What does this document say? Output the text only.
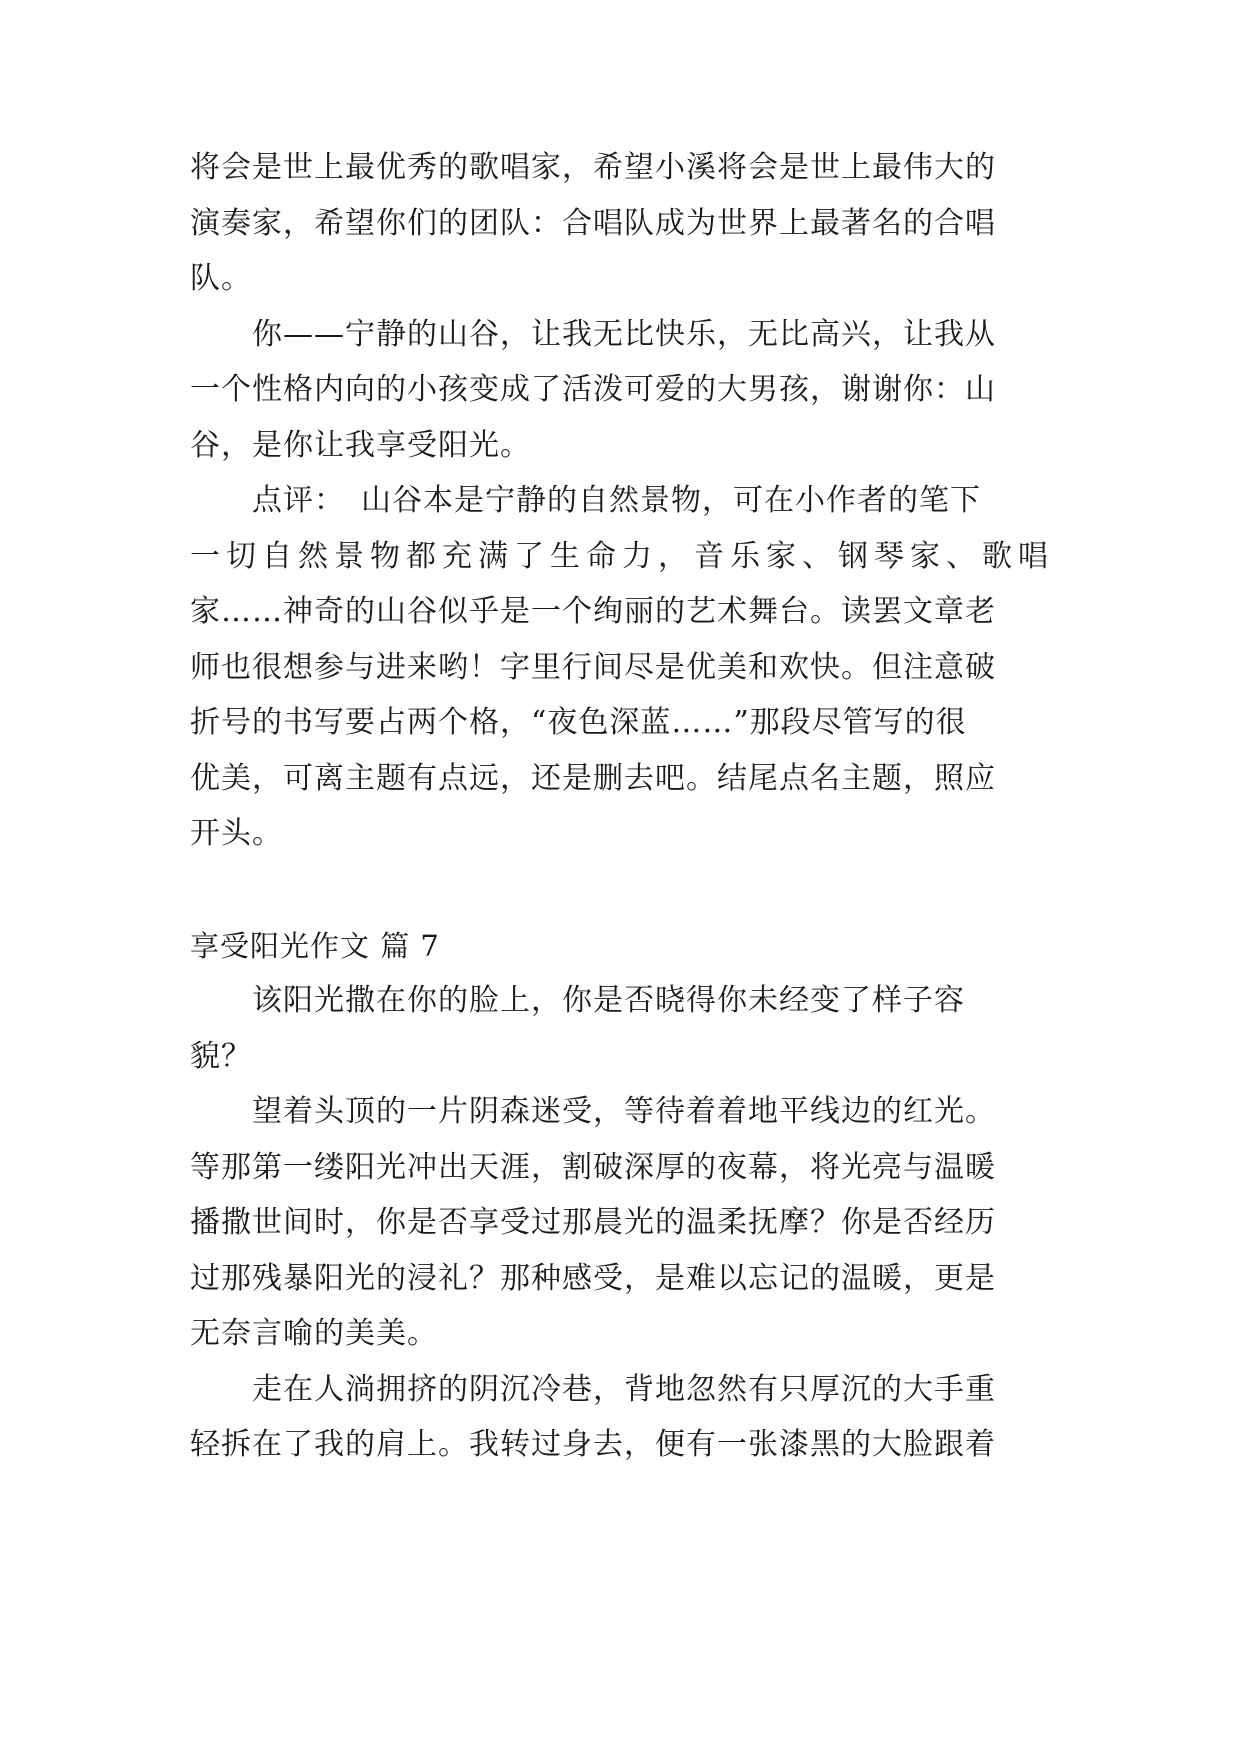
将会是世上最优秀的歌唱家，希望小溪将会是世上最伟大的
演奏家，希望你们的团队：合唱队成为世界上最著名的合唱
队。
　　你——宁静的山谷，让我无比快乐，无比高兴，让我从
一个性格内向的小孩变成了活泼可爱的大男孩，谢谢你：山
谷，是你让我享受阳光。
　　点评：　山谷本是宁静的自然景物，可在小作者的笔下
一切自然景物都充满了生命力，音乐家、钢琴家、歌唱
家……神奇的山谷似乎是一个绚丽的艺术舞台。读罢文章老
师也很想参与进来哟！字里行间尽是优美和欢快。但注意破
折号的书写要占两个格，“夜色深蓝……”那段尽管写的很
优美，可离主题有点远，还是删去吧。结尾点名主题，照应
开头。
享受阳光作文 篇 7
　　该阳光撒在你的脸上，你是否晓得你未经变了样子容
貌？
　　望着头顶的一片阴森迷受，等待着着地平线边的红光。
等那第一缕阳光冲出天涯，割破深厚的夜幕，将光亮与温暖
播撒世间时，你是否享受过那晨光的温柔抚摩？你是否经历
过那残暴阳光的浸礼？那种感受，是难以忘记的温暖，更是
无奈言喻的美美。
　　走在人淌拥挤的阴沉冷巷，背地忽然有只厚沉的大手重
轻拆在了我的肩上。我转过身去，便有一张漆黑的大脸跟着
